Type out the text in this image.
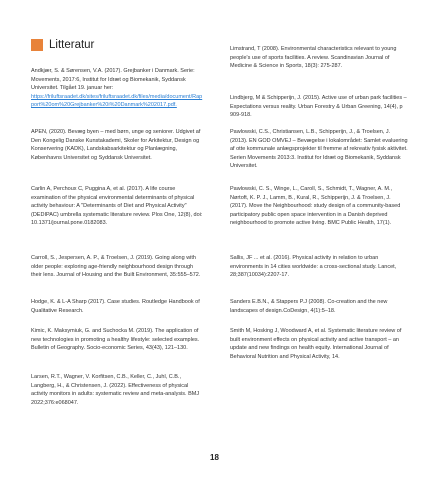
Litteratur
Andkjær, S. & Sørensen, V.A. (2017). Grejbanker i Danmark. Serie: Movements, 2017:6, Institut for Idræt og Biomekanik, Syddansk Universitet. Tilgået 19. januar her: https://friluftsraadet.dk/sites/friluftsraadet.dk/files/media/document/Rapport%20om%20Grejbanker%20i%20Danmark%202017.pdf.
APEN, (2020). Bevæg byen – med børn, unge og seniorer. Udgivet af Den Kongelig Danske Kunstakademi, Skoler for Arkitektur, Design og Konservering (KADK), Landskabsarkitektur og Planlægning, Københavns Universitet og Syddansk Universitet.
Carlin A, Perchoux C, Puggina A, et al. (2017). A life course examination of the physical environmental determinants of physical activity behaviour: A "Determinants of Diet and Physical Activity" (DEDIPAC) umbrella systematic literature review. Plos One, 12(8), doi: 10.1371/journal.pone.0182083.
Carroll, S., Jespersen, A. P., & Troelsen, J. (2019). Going along with older people: exploring age-friendly neighbourhood design through their lens. Journal of Housing and the Built Environment, 35:555–572.
Hodge, K. & L-A Sharp (2017). Case studies. Routledge Handbook of Qualitative Research.
Kimic, K. Maksymiuk, G. and Suchocka M. (2019). The application of new technologies in promoting a healthy lifestyle: selected examples. Bulletin of Geography. Socio-economic Series, 43(43), 121–130.
Larsen, R.T., Wagner, V. Korfitsen, C.B., Keller, C., Juhl, C.B., Langberg, H., & Christensen, J. (2022). Effectiveness of physical activity monitors in adults: systematic review and meta-analysis. BMJ 2022;376:e068047.
Limstrand, T (2008). Environmental characteristics relevant to young people's use of sports facilities. A review. Scandinavian Journal of Medicine & Science in Sports, 18(3): 275-287.
Lindbjerg, M & Schipperijn, J. (2015). Active use of urban park facilities – Expectations versus reality. Urban Forestry & Urban Greening, 14(4), p 909-918.
Pawlowski, C.S., Christiansen, L.B., Schipperijn, J., & Troelsen, J. (2013). EN GOD OMVEJ – Bevægelse i lokalområdet: Samlet evaluering af otte kommunale anlægsprojekter til fremme af rekreativ fysisk aktivitet. Serien Movements 2013:3. Institut for Idræt og Biomekanik, Syddansk Universitet.
Pawlowski, C. S., Winge, L., Caroll, S., Schmidt, T., Wagner, A. M., Nørtoft, K. P. J., Lamm, B., Kural, R., Schipperijn, J. & Troelsen, J. (2017). Move the Neighbourhood: study design of a community-based participatory public open space intervention in a Danish deprived neighbourhood to promote active living. BMC Public Health, 17(1).
Sallis, JF ... et al. (2016). Physical activity in relation to urban environments in 14 cities worldwide: a cross-sectional study. Lancet, 28;387(10034):2207-17.
Sanders E.B.N., & Stappers P.J (2008). Co-creation and the new landscapes of design.CoDesign, 4(1):5–18.
Smith M, Hosking J, Woodward A, et al. Systematic literature review of built environment effects on physical activity and active transport – an update and new findings on health equity. International Journal of Behavioral Nutrition and Physical Activity, 14.
18
